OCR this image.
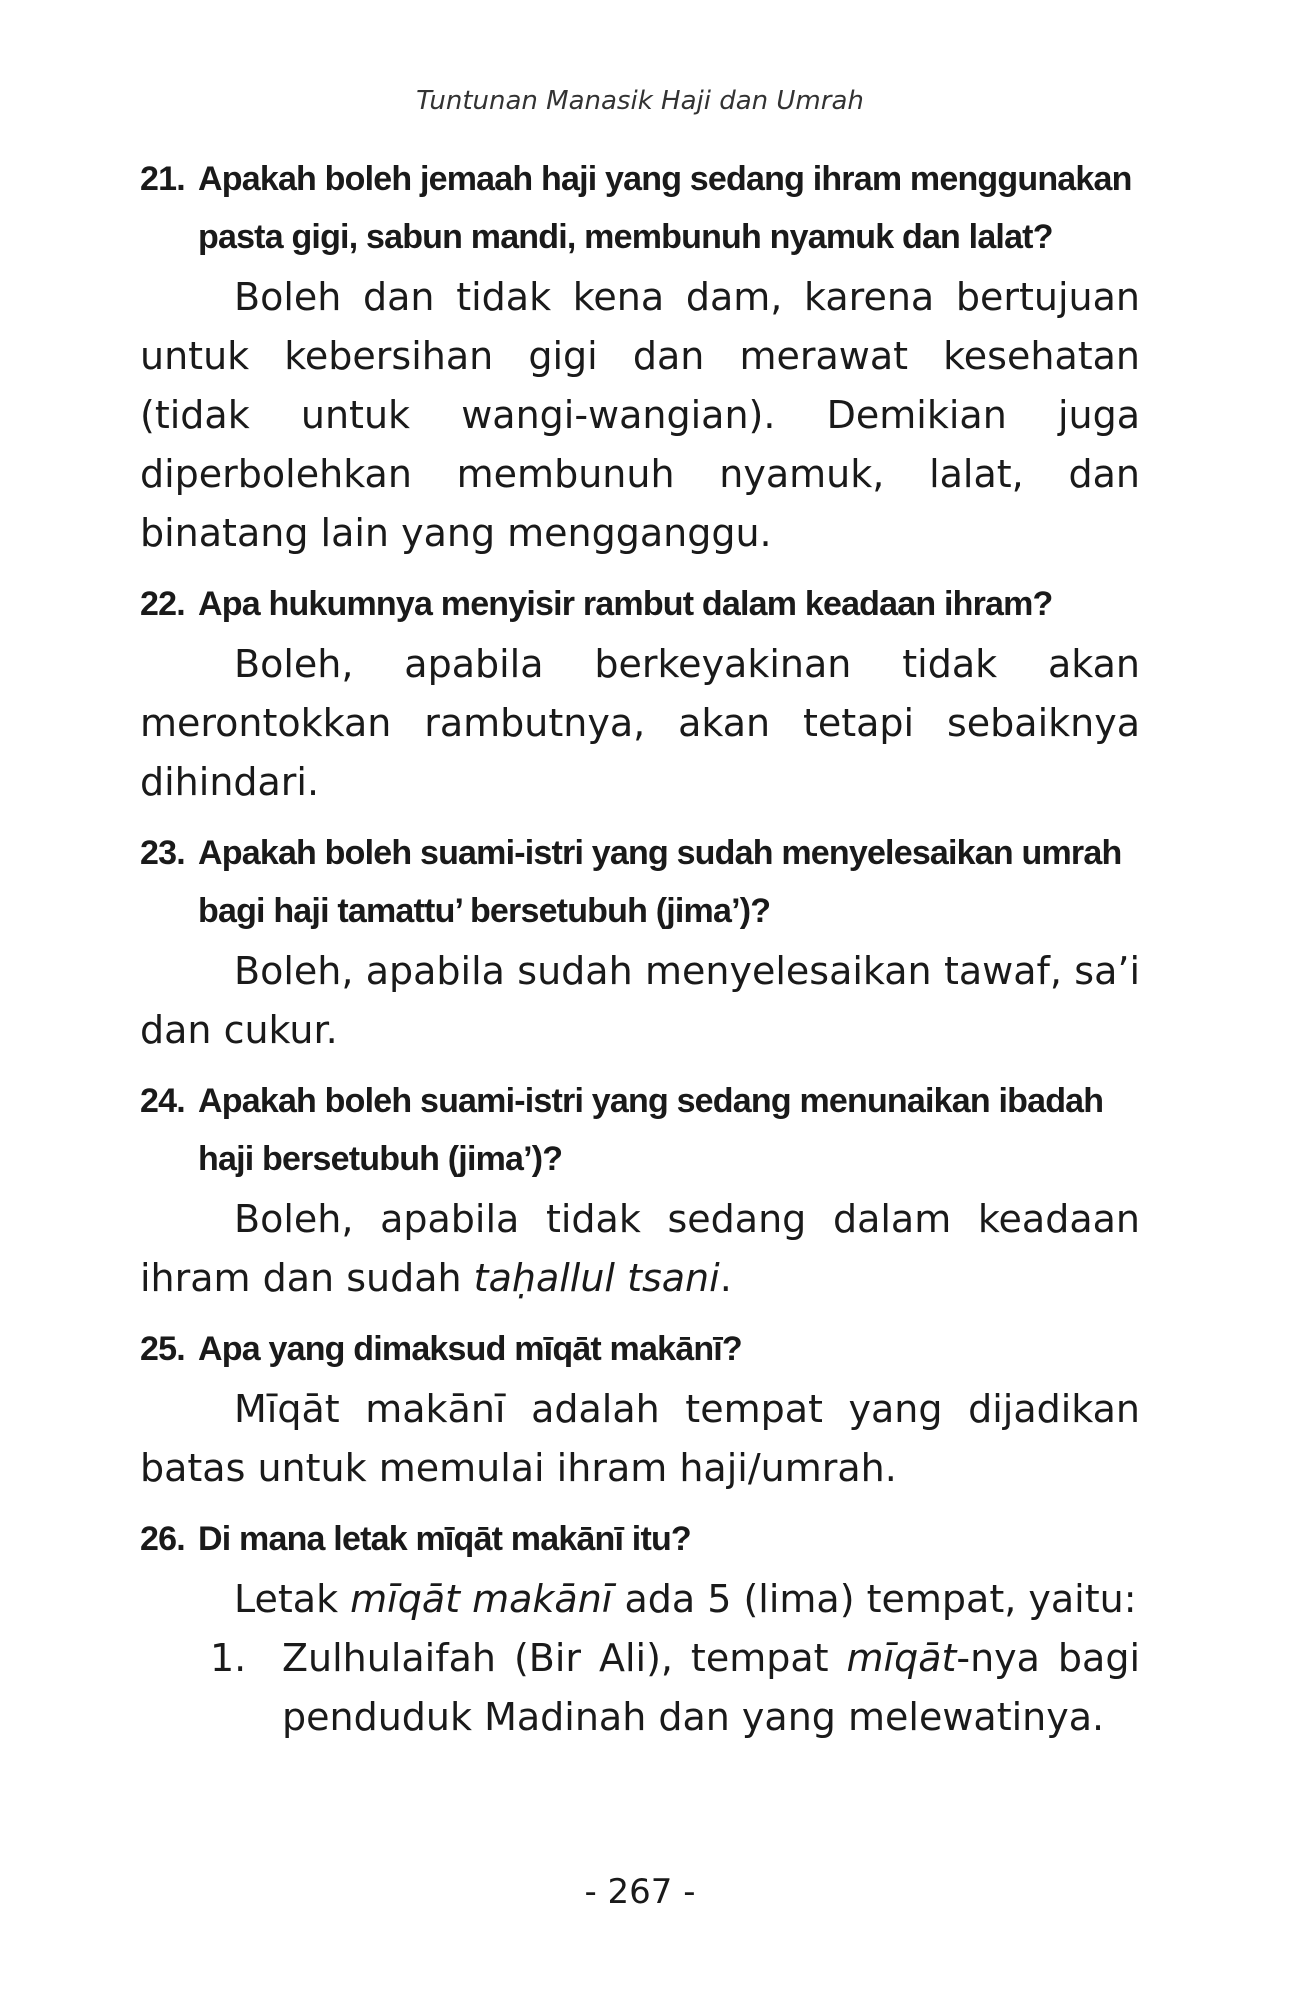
Tuntunan Manasik Haji dan Umrah
21. Apakah boleh jemaah haji yang sedang ihram menggunakan pasta gigi, sabun mandi, membunuh nyamuk dan lalat?

Boleh dan tidak kena dam, karena bertujuan untuk kebersihan gigi dan merawat kesehatan (tidak untuk wangi-wangian). Demikian juga diperbolehkan membunuh nyamuk, lalat, dan binatang lain yang mengganggu.

22. Apa hukumnya menyisir rambut dalam keadaan ihram?

Boleh, apabila berkeyakinan tidak akan merontokkan rambutnya, akan tetapi sebaiknya dihindari.

23. Apakah boleh suami-istri yang sudah menyelesaikan umrah bagi haji tamattu’ bersetubuh (jima’)?

Boleh, apabila sudah menyelesaikan tawaf, sa’i dan cukur.

24. Apakah boleh suami-istri yang sedang menunaikan ibadah haji bersetubuh (jima’)?

Boleh, apabila tidak sedang dalam keadaan ihram dan sudah taḥallul tsani.

25. Apa yang dimaksud mīqāt makānī?

Mīqāt makānī adalah tempat yang dijadikan batas untuk memulai ihram haji/umrah.

26. Di mana letak mīqāt makānī itu?

Letak mīqāt makānī ada 5 (lima) tempat, yaitu:

1. Zulhulaifah (Bir Ali), tempat mīqāt-nya bagi penduduk Madinah dan yang melewatinya.
- 267 -
